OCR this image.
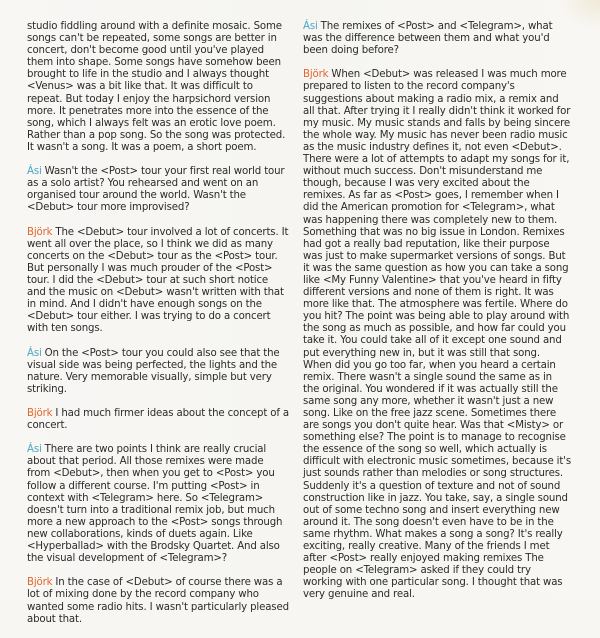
studio fiddling around with a definite mosaic. Some songs can't be repeated, some songs are better in concert, don't become good until you've played them into shape. Some songs have somehow been brought to life in the studio and I always thought <Venus> was a bit like that. It was difficult to repeat. But today I enjoy the harpsichord version more. It penetrates more into the essence of the song, which I always felt was an erotic love poem. Rather than a pop song. So the song was protected. It wasn't a song. It was a poem, a short poem.

Ási Wasn't the <Post> tour your first real world tour as a solo artist? You rehearsed and went on an organised tour around the world. Wasn't the <Debut> tour more improvised?

Björk The <Debut> tour involved a lot of concerts. It went all over the place, so I think we did as many concerts on the <Debut> tour as the <Post> tour. But personally I was much prouder of the <Post> tour. I did the <Debut> tour at such short notice and the music on <Debut> wasn't written with that in mind. And I didn't have enough songs on the <Debut> tour either. I was trying to do a concert with ten songs.

Ási On the <Post> tour you could also see that the visual side was being perfected, the lights and the nature. Very memorable visually, simple but very striking.

Björk I had much firmer ideas about the concept of a concert.

Ási There are two points I think are really crucial about that period. All those remixes were made from <Debut>, then when you get to <Post> you follow a different course. I'm putting <Post> in context with <Telegram> here. So <Telegram> doesn't turn into a traditional remix job, but much more a new approach to the <Post> songs through new collaborations, kinds of duets again. Like <Hyperballad> with the Brodsky Quartet. And also the visual development of <Telegram>?

Björk In the case of <Debut> of course there was a lot of mixing done by the record company who wanted some radio hits. I wasn't particularly pleased about that.

Ási The remixes of <Post> and <Telegram>, what was the difference between them and what you'd been doing before?

Björk When <Debut> was released I was much more prepared to listen to the record company's suggestions about making a radio mix, a remix and all that. After trying it I really didn't think it worked for my music. My music stands and falls by being sincere the whole way. My music has never been radio music as the music industry defines it, not even <Debut>. There were a lot of attempts to adapt my songs for it, without much success. Don't misunderstand me though, because I was very excited about the remixes. As far as <Post> goes, I remember when I did the American promotion for <Telegram>, what was happening there was completely new to them. Something that was no big issue in London. Remixes had got a really bad reputation, like their purpose was just to make supermarket versions of songs. But it was the same question as how you can take a song like <My Funny Valentine> that you've heard in fifty different versions and none of them is right. It was more like that. The atmosphere was fertile. Where do you hit? The point was being able to play around with the song as much as possible, and how far could you take it. You could take all of it except one sound and put everything new in, but it was still that song. When did you go too far, when you heard a certain remix. There wasn't a single sound the same as in the original. You wondered if it was actually still the same song any more, whether it wasn't just a new song. Like on the free jazz scene. Sometimes there are songs you don't quite hear. Was that <Misty> or something else? The point is to manage to recognise the essence of the song so well, which actually is difficult with electronic music sometimes, because it's just sounds rather than melodies or song structures. Suddenly it's a question of texture and not of sound construction like in jazz. You take, say, a single sound out of some techno song and insert everything new around it. The song doesn't even have to be in the same rhythm. What makes a song a song? It's really exciting, really creative. Many of the friends I met after <Post> really enjoyed making remixes The people on <Telegram> asked if they could try working with one particular song. I thought that was very genuine and real.
